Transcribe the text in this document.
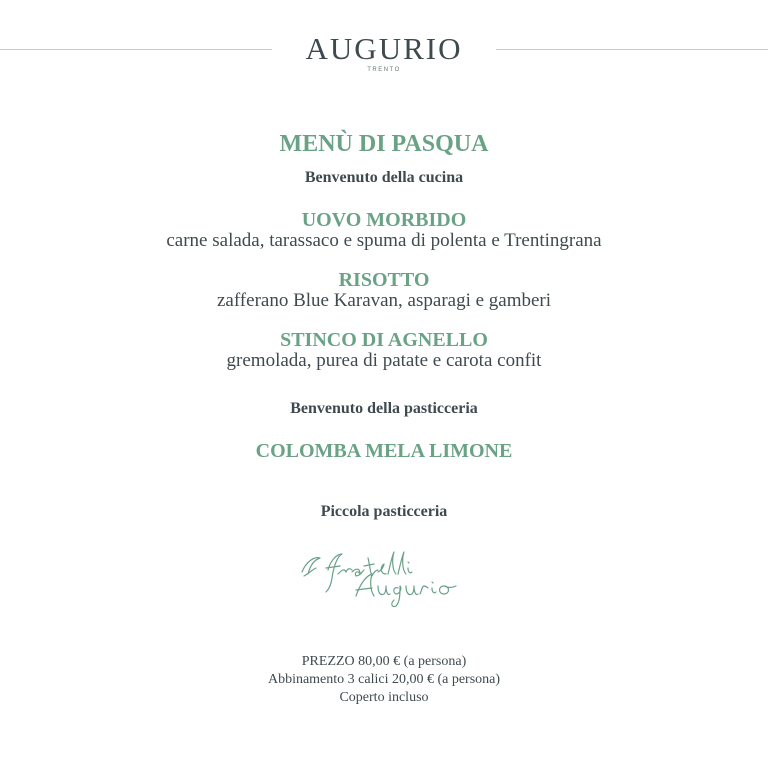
AUGURIO
TRENTO
MENÙ DI PASQUA
Benvenuto della cucina
UOVO MORBIDO
carne salada, tarassaco e spuma di polenta e Trentingrana
RISOTTO
zafferano Blue Karavan, asparagi e gamberi
STINCO DI AGNELLO
gremolada, purea di patate e carota confit
Benvenuto della pasticceria
COLOMBA MELA LIMONE
Piccola pasticceria
PREZZO 80,00 € (a persona)
Abbinamento 3 calici 20,00 € (a persona)
Coperto incluso
